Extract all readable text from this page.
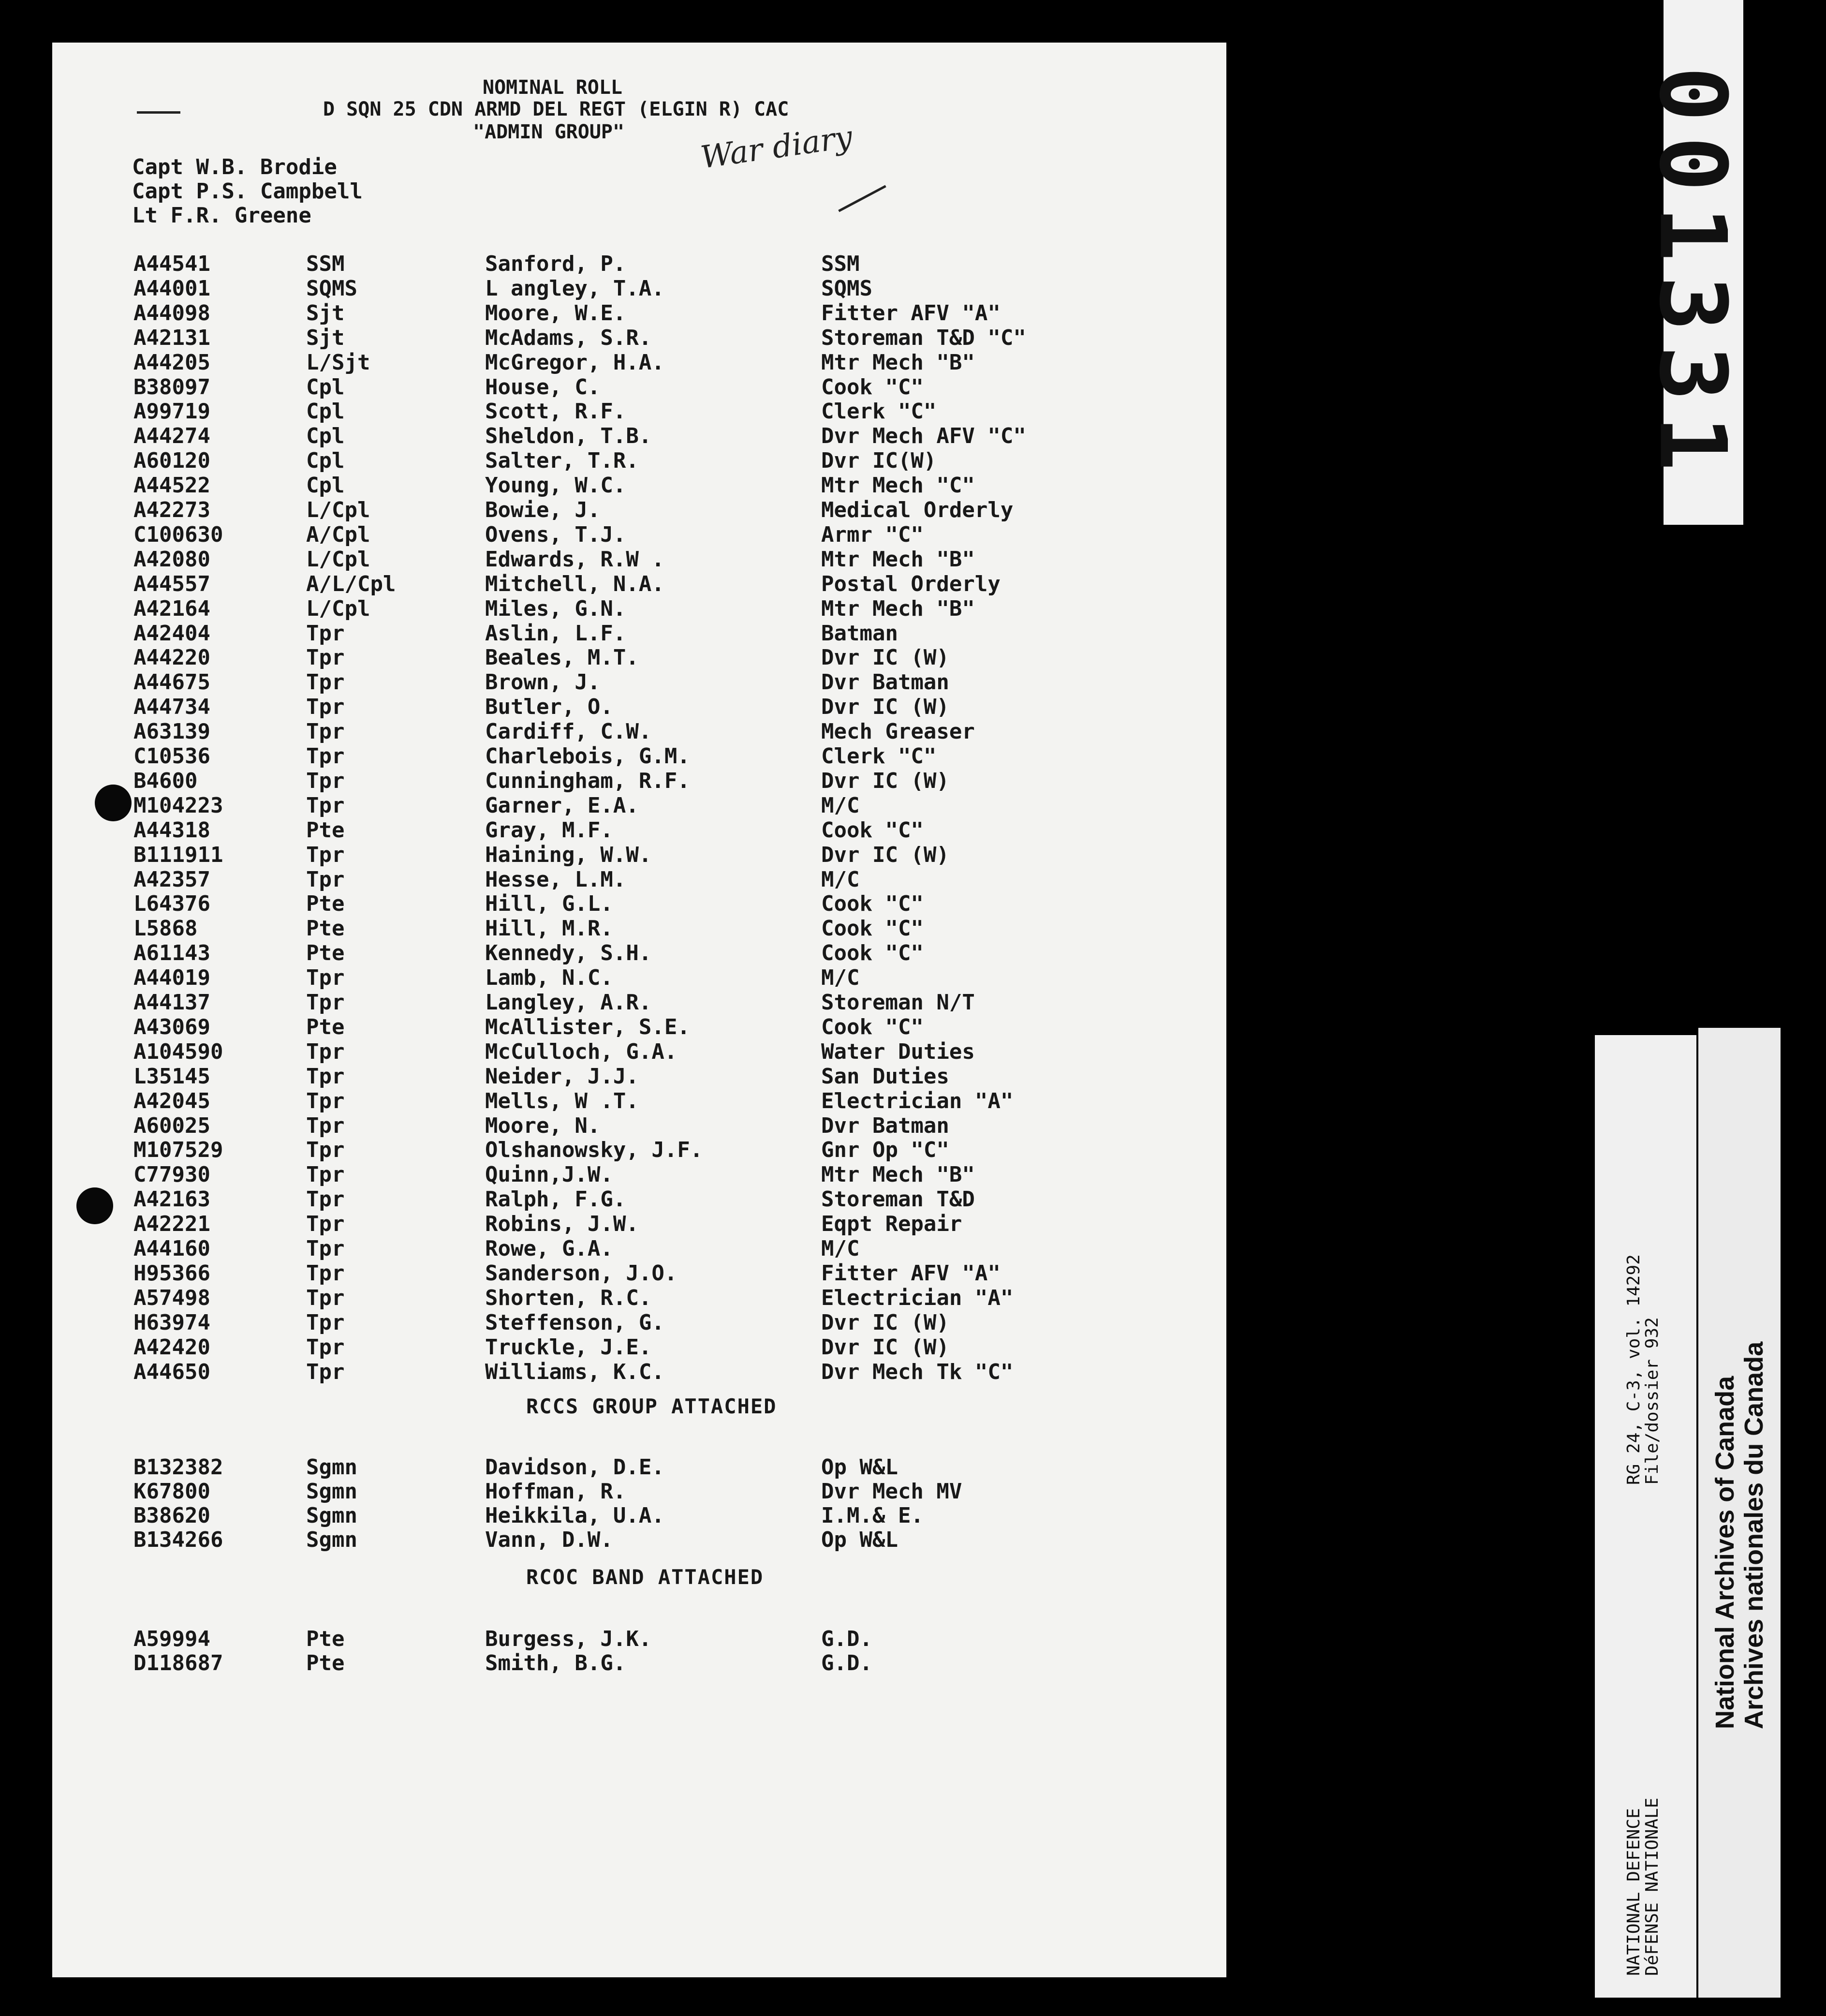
NOMINAL ROLL
D SQN 25 CDN ARMD DEL REGT (ELGIN R) CAC
"ADMIN GROUP" War diary
Capt W.B. Brodie
Capt P.S. Campbell
Lt F.R. Greene
A44541	SSM	Sanford, P.	SSM
A44001	SQMS	L angley, T.A.	SQMS
A44098	Sjt	Moore, W.E.	Fitter AFV "A"
A42131	Sjt	McAdams, S.R.	Storeman T&D "C"
A44205	L/Sjt	McGregor, H.A.	Mtr Mech "B"
B38097	Cpl	House, C.	Cook "C"
A99719	Cpl	Scott, R.F.	Clerk "C"
A44274	Cpl	Sheldon, T.B.	Dvr Mech AFV "C"
A60120	Cpl	Salter, T.R.	Dvr IC(W)
A44522	Cpl	Young, W.C.	Mtr Mech "C"
A42273	L/Cpl	Bowie, J.	Medical Orderly
C100630	A/Cpl	Ovens, T.J.	Armr "C"
A42080	L/Cpl	Edwards, R.W .	Mtr Mech "B"
A44557	A/L/Cpl	Mitchell, N.A.	Postal Orderly
A42164	L/Cpl	Miles, G.N.	Mtr Mech "B"
A42404	Tpr	Aslin, L.F.	Batman
A44220	Tpr	Beales, M.T.	Dvr IC (W)
A44675	Tpr	Brown, J.	Dvr Batman
A44734	Tpr	Butler, O.	Dvr IC (W)
A63139	Tpr	Cardiff, C.W.	Mech Greaser
C10536	Tpr	Charlebois, G.M.	Clerk "C"
B4600	Tpr	Cunningham, R.F.	Dvr IC (W)
M104223	Tpr	Garner, E.A.	M/C
A44318	Pte	Gray, M.F.	Cook "C"
B111911	Tpr	Haining, W.W.	Dvr IC (W)
A42357	Tpr	Hesse, L.M.	M/C
L64376	Pte	Hill, G.L.	Cook "C"
L5868	Pte	Hill, M.R.	Cook "C"
A61143	Pte	Kennedy, S.H.	Cook "C"
A44019	Tpr	Lamb, N.C.	M/C
A44137	Tpr	Langley, A.R.	Storeman N/T
A43069	Pte	McAllister, S.E.	Cook "C"
A104590	Tpr	McCulloch, G.A.	Water Duties
L35145	Tpr	Neider, J.J.	San Duties
A42045	Tpr	Mells, W .T.	Electrician "A"
A60025	Tpr	Moore, N.	Dvr Batman
M107529	Tpr	Olshanowsky, J.F.	Gnr Op "C"
C77930	Tpr	Quinn,J.W.	Mtr Mech "B"
A42163	Tpr	Ralph, F.G.	Storeman T&D
A42221	Tpr	Robins, J.W.	Eqpt Repair
A44160	Tpr	Rowe, G.A.	M/C
H95366	Tpr	Sanderson, J.O.	Fitter AFV "A"
A57498	Tpr	Shorten, R.C.	Electrician "A"
H63974	Tpr	Steffenson, G.	Dvr IC (W)
A42420	Tpr	Truckle, J.E.	Dvr IC (W)
A44650	Tpr	Williams, K.C.	Dvr Mech Tk "C"
RCCS GROUP ATTACHED
B132382	Sgmn	Davidson, D.E.	Op W&L
K67800	Sgmn	Hoffman, R.	Dvr Mech MV
B38620	Sgmn	Heikkila, U.A.	I.M.& E.
B134266	Sgmn	Vann, D.W.	Op W&L
RCOC BAND ATTACHED
A59994	Pte	Burgess, J.K.	G.D.
D118687	Pte	Smith, B.G.	G.D.
001331
RG 24, C-3, vol. 14292
File/dossier 932
NATIONAL DEFENCE
DéFENSE NATIONALE
National Archives of Canada Archives nationales du Canada
